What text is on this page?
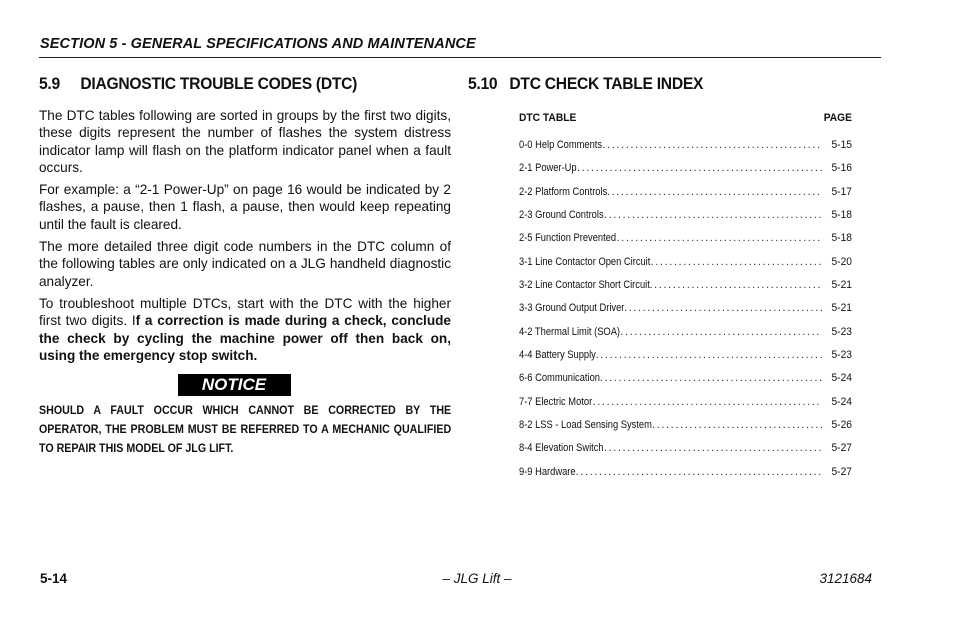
SECTION 5 - GENERAL SPECIFICATIONS AND MAINTENANCE
5.9 DIAGNOSTIC TROUBLE CODES (DTC)

The DTC tables following are sorted in groups by the first two digits, these digits represent the number of flashes the system distress indicator lamp will flash on the platform indicator panel when a fault occurs.

For example: a “2-1 Power-Up” on page 16 would be indicated by 2 flashes, a pause, then 1 flash, a pause, then would keep repeating until the fault is cleared.

The more detailed three digit code numbers in the DTC column of the following tables are only indicated on a JLG handheld diagnostic analyzer.

To troubleshoot multiple DTCs, start with the DTC with the higher first two digits. If a correction is made during a check, conclude the check by cycling the machine power off then back on, using the emergency stop switch.

NOTICE
SHOULD A FAULT OCCUR WHICH CANNOT BE CORRECTED BY THE OPERATOR, THE PROBLEM MUST BE REFERRED TO A MECHANIC QUALIFIED TO REPAIR THIS MODEL OF JLG LIFT.
5.10 DTC CHECK TABLE INDEX
DTC TABLE	PAGE
0-0 Help Comments .....	5-15
2-1 Power-Up .....	5-16
2-2 Platform Controls .....	5-17
2-3 Ground Controls .....	5-18
2-5 Function Prevented .....	5-18
3-1 Line Contactor Open Circuit .....	5-20
3-2 Line Contactor Short Circuit .....	5-21
3-3 Ground Output Driver .....	5-21
4-2 Thermal Limit (SOA) .....	5-23
4-4 Battery Supply .....	5-23
6-6 Communication .....	5-24
7-7 Electric Motor .....	5-24
8-2 LSS - Load Sensing System .....	5-26
8-4 Elevation Switch .....	5-27
9-9 Hardware .....	5-27
5-14	– JLG Lift –	3121684
